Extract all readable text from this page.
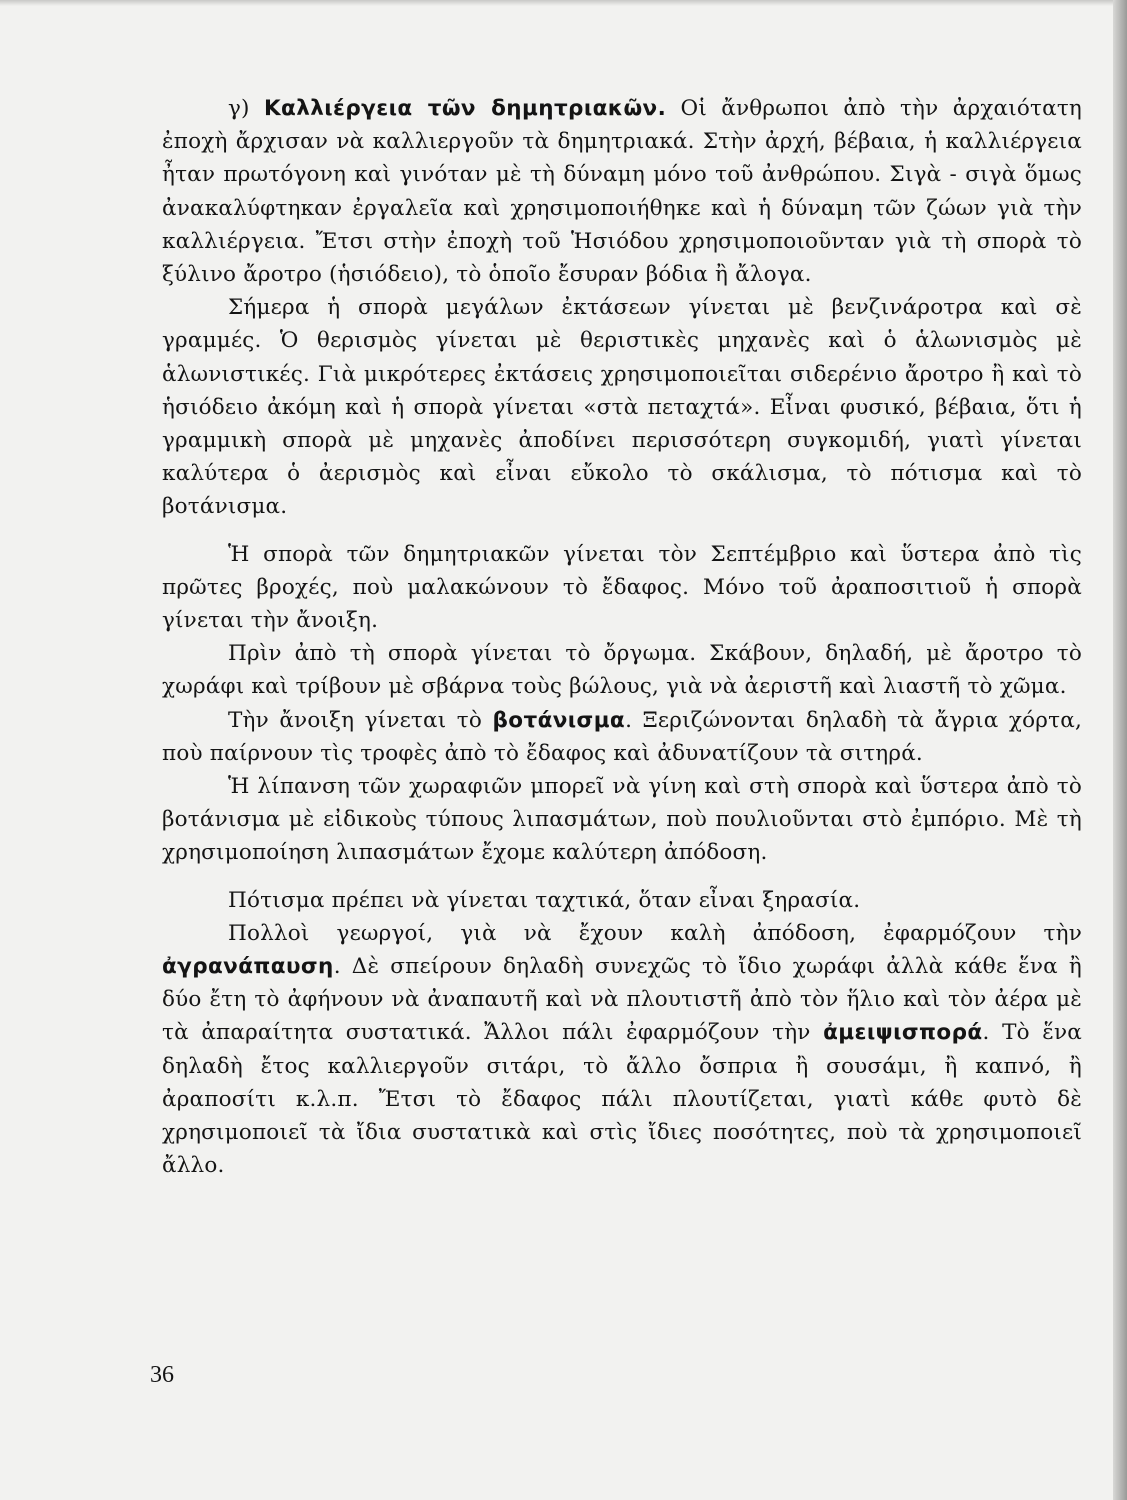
γ) Καλλιέργεια τῶν δημητριακῶν. Οἱ ἄνθρωποι ἀπὸ τὴν ἀρχαιότατη ἐποχὴ ἄρχισαν νὰ καλλιεργοῦν τὰ δημητριακά. Στὴν ἀρχή, βέβαια, ἡ καλλιέργεια ἦταν πρωτόγονη καὶ γινόταν μὲ τὴ δύναμη μόνο τοῦ ἀνθρώπου. Σιγὰ - σιγὰ ὅμως ἀνακαλύφτηκαν ἐργαλεῖα καὶ χρησιμοποιήθηκε καὶ ἡ δύναμη τῶν ζώων γιὰ τὴν καλλιέργεια. Ἔτσι στὴν ἐποχὴ τοῦ Ἡσιόδου χρησιμοποιοῦνταν γιὰ τὴ σπορὰ τὸ ξύλινο ἄροτρο (ἡσιόδειο), τὸ ὁποῖο ἔσυραν βόδια ἢ ἄλογα.

Σήμερα ἡ σπορὰ μεγάλων ἐκτάσεων γίνεται μὲ βενζινάροτρα καὶ σὲ γραμμές. Ὁ θερισμὸς γίνεται μὲ θεριστικὲς μηχανὲς καὶ ὁ ἁλωνισμὸς μὲ ἁλωνιστικές. Γιὰ μικρότερες ἐκτάσεις χρησιμοποιεῖται σιδερένιο ἄροτρο ἢ καὶ τὸ ἡσιόδειο ἀκόμη καὶ ἡ σπορὰ γίνεται «στὰ πεταχτά». Εἶναι φυσικό, βέβαια, ὅτι ἡ γραμμικὴ σπορὰ μὲ μηχανὲς ἀποδίνει περισσότερη συγκομιδή, γιατὶ γίνεται καλύτερα ὁ ἀερισμὸς καὶ εἶναι εὔκολο τὸ σκάλισμα, τὸ πότισμα καὶ τὸ βοτάνισμα.

Ἡ σπορὰ τῶν δημητριακῶν γίνεται τὸν Σεπτέμβριο καὶ ὕστερα ἀπὸ τὶς πρῶτες βροχές, ποὺ μαλακώνουν τὸ ἔδαφος. Μόνο τοῦ ἀραποσιτιοῦ ἡ σπορὰ γίνεται τὴν ἄνοιξη.

Πρὶν ἀπὸ τὴ σπορὰ γίνεται τὸ ὄργωμα. Σκάβουν, δηλαδή, μὲ ἄροτρο τὸ χωράφι καὶ τρίβουν μὲ σβάρνα τοὺς βώλους, γιὰ νὰ ἀεριστῆ καὶ λιαστῆ τὸ χῶμα.

Τὴν ἄνοιξη γίνεται τὸ βοτάνισμα. Ξεριζώνονται δηλαδὴ τὰ ἄγρια χόρτα, ποὺ παίρνουν τὶς τροφὲς ἀπὸ τὸ ἔδαφος καὶ ἀδυνατίζουν τὰ σιτηρά.

Ἡ λίπανση τῶν χωραφιῶν μπορεῖ νὰ γίνη καὶ στὴ σπορὰ καὶ ὕστερα ἀπὸ τὸ βοτάνισμα μὲ εἰδικοὺς τύπους λιπασμάτων, ποὺ πουλιοῦνται στὸ ἐμπόριο. Μὲ τὴ χρησιμοποίηση λιπασμάτων ἔχομε καλύτερη ἀπόδοση.

Πότισμα πρέπει νὰ γίνεται ταχτικά, ὅταν εἶναι ξηρασία.

Πολλοὶ γεωργοί, γιὰ νὰ ἔχουν καλὴ ἀπόδοση, ἐφαρμόζουν τὴν ἀγρανάπαυση. Δὲ σπείρουν δηλαδὴ συνεχῶς τὸ ἴδιο χωράφι ἀλλὰ κάθε ἕνα ἢ δύο ἔτη τὸ ἀφήνουν νὰ ἀναπαυτῆ καὶ νὰ πλουτιστῆ ἀπὸ τὸν ἥλιο καὶ τὸν ἀέρα μὲ τὰ ἀπαραίτητα συστατικά. Ἄλλοι πάλι ἐφαρμόζουν τὴν ἀμειψισπορά. Τὸ ἕνα δηλαδὴ ἔτος καλλιεργοῦν σιτάρι, τὸ ἄλλο ὄσπρια ἢ σουσάμι, ἢ καπνό, ἢ ἀραποσίτι κ.λ.π. Ἔτσι τὸ ἔδαφος πάλι πλουτίζεται, γιατὶ κάθε φυτὸ δὲ χρησιμοποιεῖ τὰ ἴδια συστατικὰ καὶ στὶς ἴδιες ποσότητες, ποὺ τὰ χρησιμοποιεῖ ἄλλο.

36
